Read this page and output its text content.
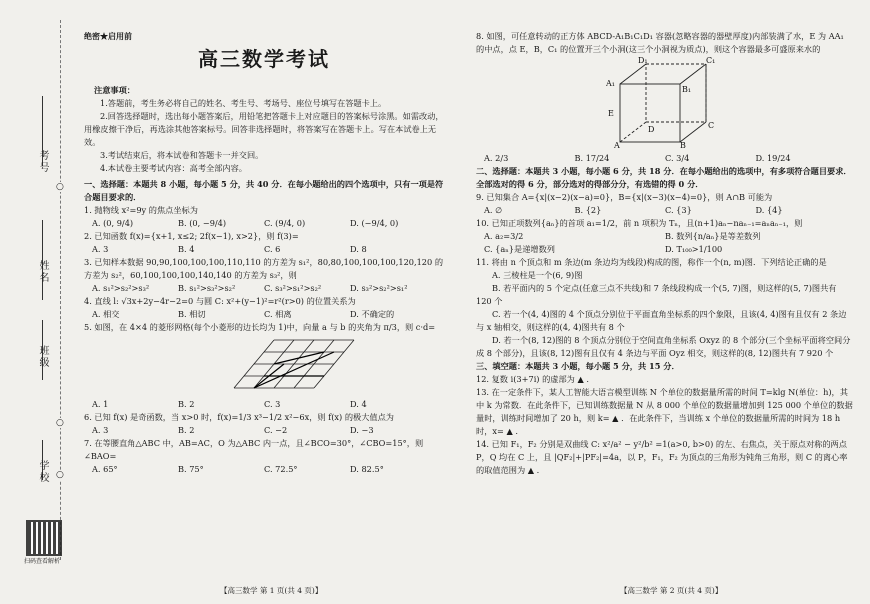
考号
○
姓名
班级
○
学校 ○
扫码查看解析

绝密★启用前

高三数学考试

注意事项：

1.答题前，考生务必将自己的姓名、考生号、考场号、座位号填写在答题卡上。

2.回答选择题时，选出每小题答案后，用铅笔把答题卡上对应题目的答案标号涂黑。如需改动，用橡皮擦干净后，再选涂其他答案标号。回答非选择题时，将答案写在答题卡上。写在本试卷上无效。

3.考试结束后，将本试卷和答题卡一并交回。

4.本试卷主要考试内容：高考全部内容。

一、选择题：本题共 8 小题，每小题 5 分，共 40 分．在每小题给出的四个选项中，只有一项是符合题目要求的．

1. 抛物线 x²=9y 的焦点坐标为

A. (0, 9/4)	B. (0, −9/4)	C. (9/4, 0)	D. (−9/4, 0)

2. 已知函数 f(x)={x+1, x≤2; 2f(x−1), x>2}，则 f(3)=

A. 3	B. 4	C. 6	D. 8

3. 已知样本数据 90,90,100,100,100,110,110 的方差为 s₁²，80,80,100,100,100,120,120 的方差为 s₂²，60,100,100,100,140,140 的方差为 s₃²，则

A. s₁²>s₂²>s₃²	B. s₁²>s₃²>s₂²	C. s₃²>s₁²>s₂²	D. s₃²>s₂²>s₁²

4. 直线 l: √3x+2y−4r−2=0 与圆 C: x²+(y−1)²=r²(r>0) 的位置关系为

A. 相交	B. 相切	C. 相离	D. 不确定的

5. 如图，在 4×4 的菱形网格(每个小菱形的边长均为 1)中，向量 a 与 b 的夹角为 π/3，则 c·d=

A. 1	B. 2	C. 3	D. 4

6. 已知 f(x) 是奇函数，当 x>0 时，f(x)=1/3 x³−1/2 x²−6x，则 f(x) 的极大值点为

A. 3	B. 2	C. −2	D. −3

7. 在等腰直角△ABC 中，AB=AC，O 为△ABC 内一点，且∠BCO=30°，∠CBO=15°，则∠BAO=

A. 65°	B. 75°	C. 72.5°	D. 82.5°

8. 如图，可任意转动的正方体 ABCD-A₁B₁C₁D₁ 容器(忽略容器的器壁厚度)内部装满了水，E 为 AA₁ 的中点，点 E，B，C₁ 的位置开三个小洞(这三个小洞视为质点)，则这个容器最多可盛原来水的

D₁	C₁
A₁
B₁
E
D	C
A	B
A. 2/3	B. 17/24	C. 3/4	D. 19/24

二、选择题：本题共 3 小题，每小题 6 分，共 18 分．在每小题给出的选项中，有多项符合题目要求．全部选对的得 6 分，部分选对的得部分分，有选错的得 0 分．

9. 已知集合 A={x|(x−2)(x−a)=0}，B={x|(x−3)(x−4)=0}，则 A∩B 可能为

A. ∅	B. {2}	C. {3}	D. {4}

10. 已知正项数列{aₙ}的首项 a₁=1/2，前 n 项积为 Tₙ，且(n+1)aₙ−naₙ₋₁=aₙaₙ₋₁，则

A. a₂=3/2	B. 数列{n/aₙ}是等差数列
C. {aₙ}是递增数列	D. T₁₀₀>1/100

11. 将由 n 个顶点和 m 条边(m 条边均为线段)构成的图，称作一个(n, m)图．下列结论正确的是

A. 三棱柱是一个(6, 9)图

B. 若平面内的 5 个定点(任意三点不共线)和 7 条线段构成一个(5, 7)图，则这样的(5, 7)图共有 120 个

C. 若一个(4, 4)图的 4 个顶点分别位于平面直角坐标系的四个象限，且该(4, 4)图有且仅有 2 条边与 x 轴相交，则这样的(4, 4)图共有 8 个

D. 若一个(8, 12)图的 8 个顶点分别位于空间直角坐标系 Oxyz 的 8 个部分(三个坐标平面将空间分成 8 个部分)，且该(8, 12)图有且仅有 4 条边与平面 Oyz 相交，则这样的(8, 12)图共有 7 920 个

三、填空题：本题共 3 小题，每小题 5 分，共 15 分．

12. 复数 i(3+7i) 的虚部为 ▲ .

13. 在一定条件下，某人工智能大语言模型训练 N 个单位的数据量所需的时间 T=klg N(单位：h)，其中 k 为常数．在此条件下，已知训练数据量 N 从 8 000 个单位的数据量增加到 125 000 个单位的数据量时，训练时间增加了 20 h，则 k= ▲ ．在此条件下，当训练 x 个单位的数据量所需的时间为 18 h 时，x= ▲ .

14. 已知 F₁，F₂ 分别是双曲线 C: x²/a² − y²/b² =1(a>0, b>0) 的左、右焦点，关于原点对称的两点 P，Q 均在 C 上，且 |QF₂|+|PF₂|=4a，以 P，F₁，F₂ 为顶点的三角形为钝角三角形，则 C 的离心率的取值范围为 ▲ .

【高三数学 第 1 页(共 4 页)】	【高三数学 第 2 页(共 4 页)】
